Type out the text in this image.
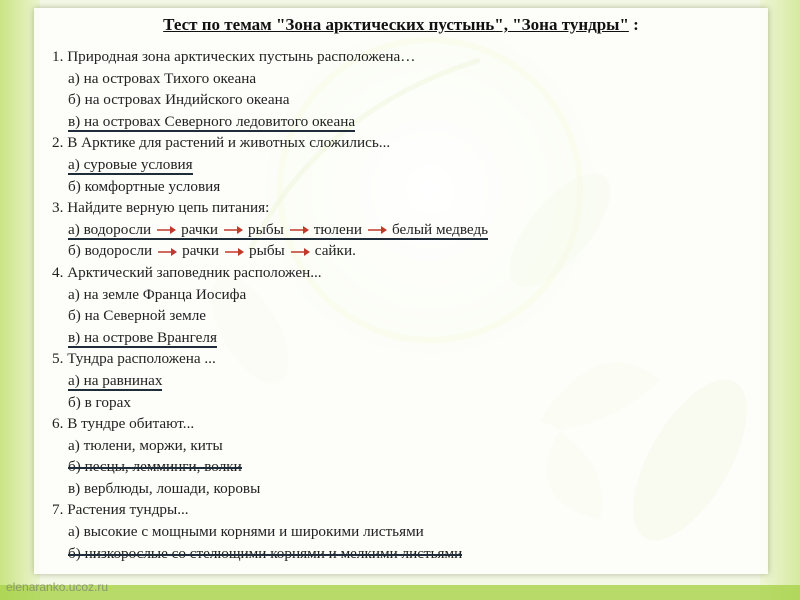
Тест по темам "Зона арктических пустынь", "Зона тундры" :
1. Природная зона арктических пустынь расположена…
а) на островах Тихого океана
б) на островах Индийского океана
в) на островах Северного ледовитого океана
2. В Арктике для растений и животных сложились...
а) суровые условия
б) комфортные условия
3. Найдите верную цепь питания:
а) водоросли рачки рыбы тюлени белый медведь
б) водоросли рачки рыбы сайки.
4. Арктический заповедник расположен...
а) на земле Франца Иосифа
б) на Северной земле
в) на острове Врангеля
5. Тундра расположена ...
а) на равнинах
б) в горах
6. В тундре обитают...
а) тюлени, моржи, киты
б) песцы, лемминги, волки
в) верблюды, лошади, коровы
7. Растения тундры...
а) высокие с мощными корнями и широкими листьями
б) низкорослые со стелющими корнями и мелкими листьями
elenaranko.ucoz.ru
